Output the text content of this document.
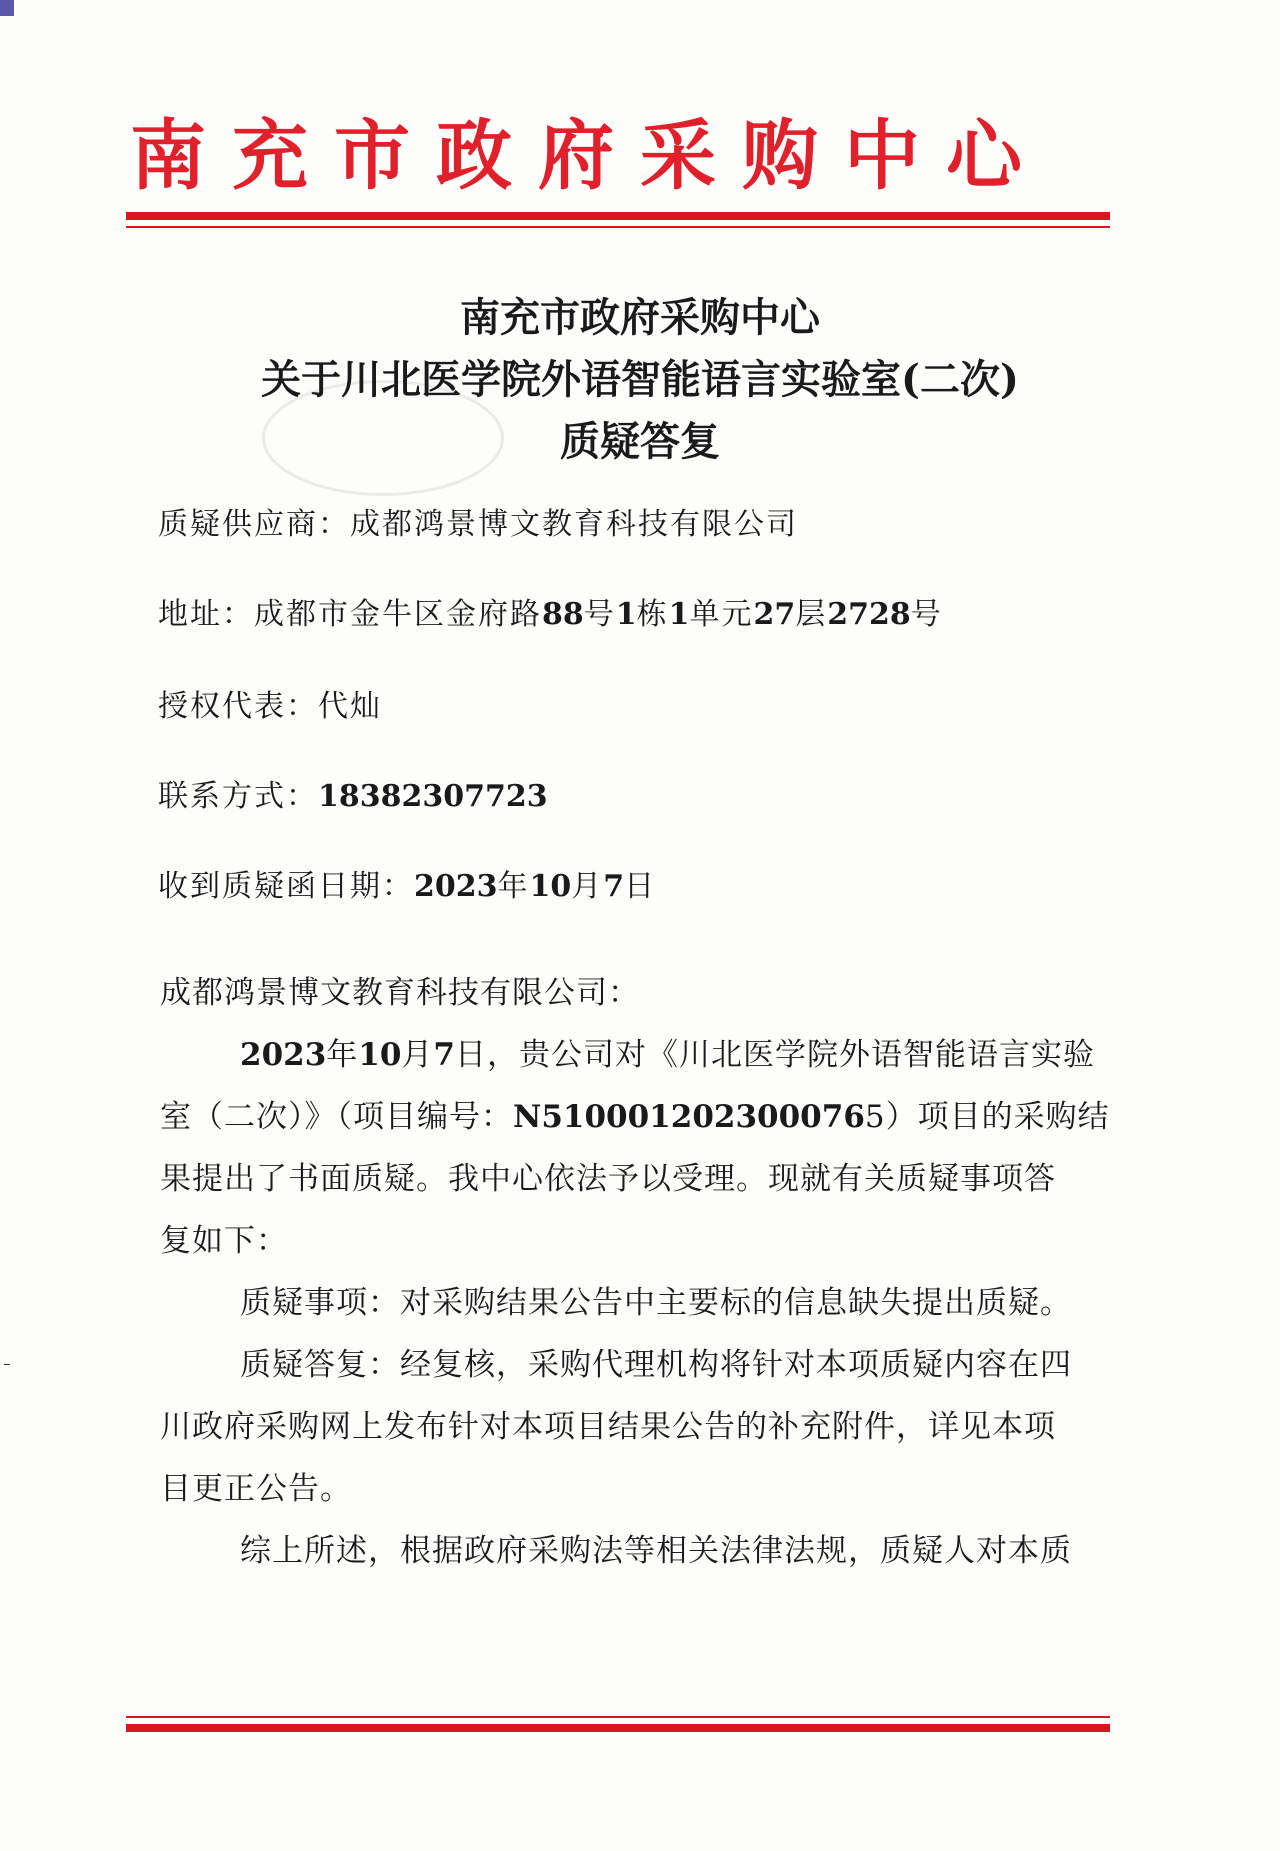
南充市政府采购中心
南充市政府采购中心
关于川北医学院外语智能语言实验室(二次)
质疑答复
质疑供应商：成都鸿景博文教育科技有限公司
地址：成都市金牛区金府路88号1栋1单元27层2728号
授权代表：代灿
联系方式：18382307723
收到质疑函日期：2023年10月7日
成都鸿景博文教育科技有限公司：
2023年10月7日，贵公司对《川北医学院外语智能语言实验
室（二次）》（项目编号：N5100012023000765）项目的采购结
果提出了书面质疑。我中心依法予以受理。现就有关质疑事项答
复如下：
质疑事项：对采购结果公告中主要标的信息缺失提出质疑。
质疑答复：经复核，采购代理机构将针对本项质疑内容在四
川政府采购网上发布针对本项目结果公告的补充附件，详见本项
目更正公告。
综上所述，根据政府采购法等相关法律法规，质疑人对本质
